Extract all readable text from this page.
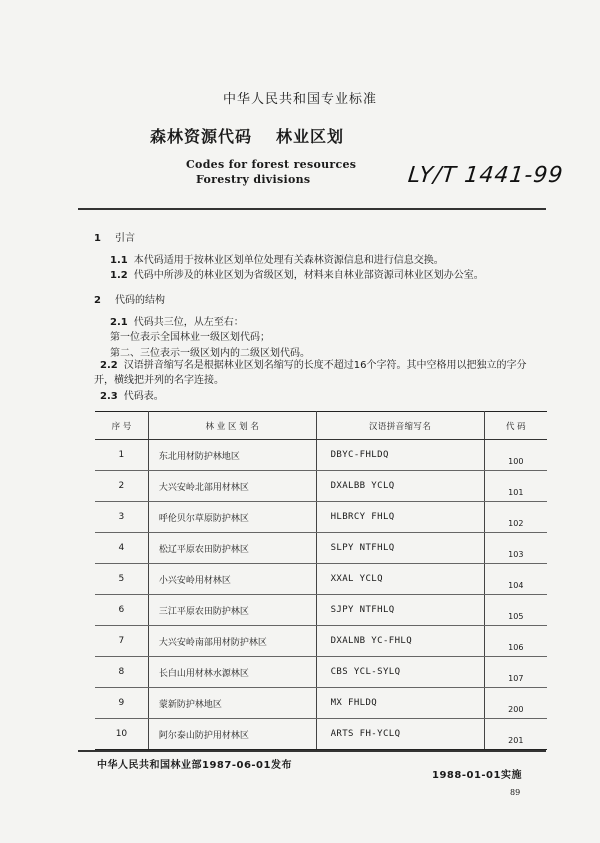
中华人民共和国专业标准
森林资源代码 林业区划
Codes for forest resources
Forestry divisions	LY/T 1441-99
1 引言
1.1 本代码适用于按林业区划单位处理有关森林资源信息和进行信息交换。
1.2 代码中所涉及的林业区划为省级区划，材料来自林业部资源司林业区划办公室。
2 代码的结构
2.1 代码共三位，从左至右：
第一位表示全国林业一级区划代码；
第二、三位表示一级区划内的二级区划代码。
2.2 汉语拼音缩写名是根据林业区划名缩写的长度不超过16个字符。其中空格用以把独立的字分
开，横线把并列的名字连接。
2.3 代码表。
序 号	林 业 区 划 名	汉语拼音缩写名	代 码
1	东北用材防护林地区	DBYC-FHLDQ	100
2	大兴安岭北部用材林区	DXALBB YCLQ	101
3	呼伦贝尔草原防护林区	HLBRCY FHLQ	102
4	松辽平原农田防护林区	SLPY NTFHLQ	103
5	小兴安岭用材林区	XXAL YCLQ	104
6	三江平原农田防护林区	SJPY NTFHLQ	105
7	大兴安岭南部用材防护林区	DXALNB YC-FHLQ	106
8	长白山用材林水源林区	CBS YCL-SYLQ	107
9	蒙新防护林地区	MX FHLDQ	200
10	阿尔泰山防护用材林区	ARTS FH-YCLQ	201
中华人民共和国林业部1987-06-01发布
1988-01-01实施
89
